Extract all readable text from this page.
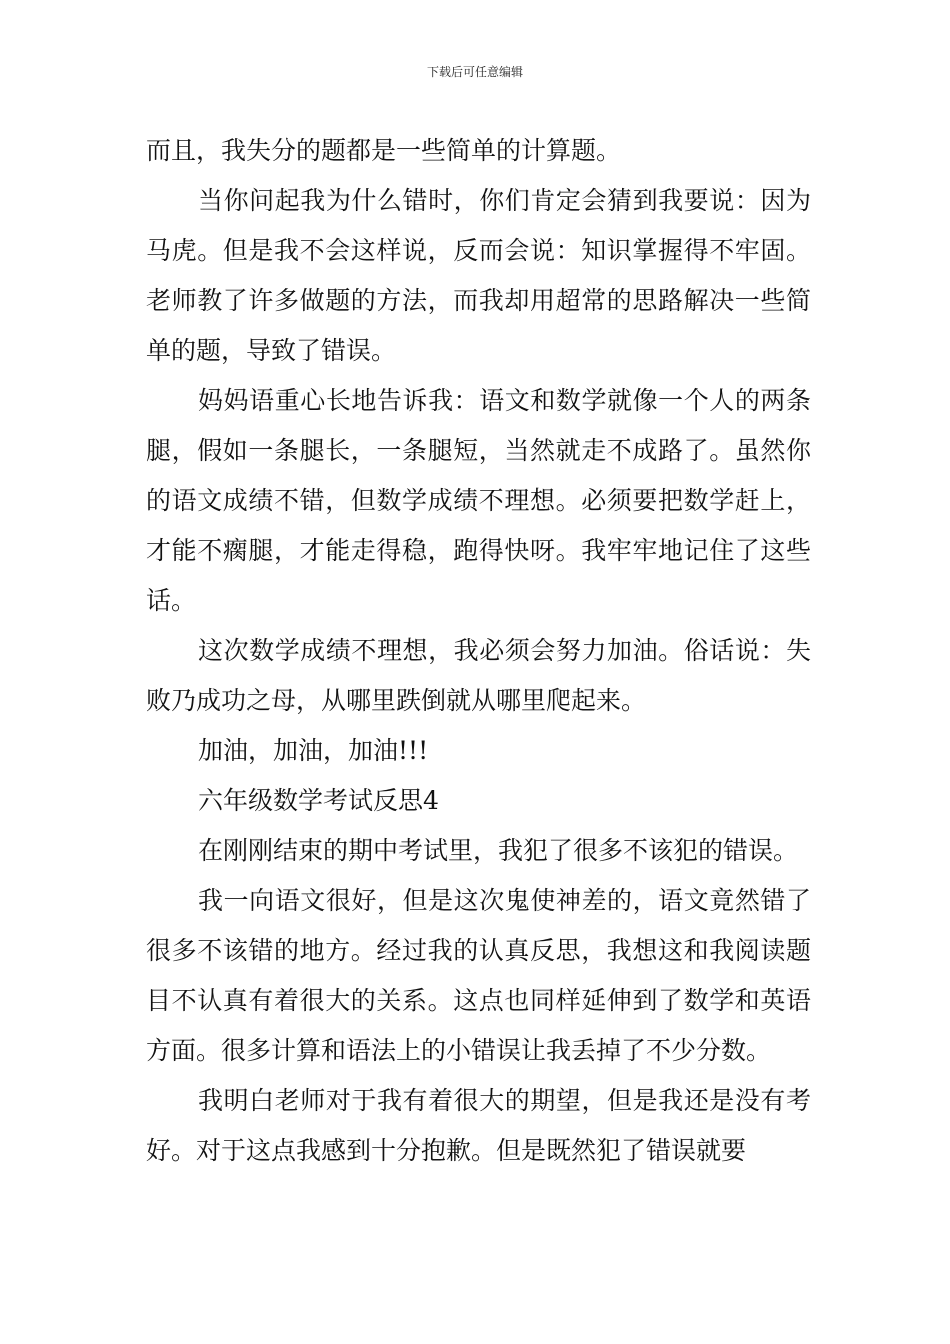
下载后可任意编辑

而且，我失分的题都是一些简单的计算题。

当你问起我为什么错时，你们肯定会猜到我要说：因为马虎。但是我不会这样说，反而会说：知识掌握得不牢固。老师教了许多做题的方法，而我却用超常的思路解决一些简单的题，导致了错误。

妈妈语重心长地告诉我：语文和数学就像一个人的两条腿，假如一条腿长，一条腿短，当然就走不成路了。虽然你的语文成绩不错，但数学成绩不理想。必须要把数学赶上，才能不瘸腿，才能走得稳，跑得快呀。我牢牢地记住了这些话。

这次数学成绩不理想，我必须会努力加油。俗话说：失败乃成功之母，从哪里跌倒就从哪里爬起来。

加油，加油，加油!!!

六年级数学考试反思4

在刚刚结束的期中考试里，我犯了很多不该犯的错误。

我一向语文很好，但是这次鬼使神差的，语文竟然错了很多不该错的地方。经过我的认真反思，我想这和我阅读题目不认真有着很大的关系。这点也同样延伸到了数学和英语方面。很多计算和语法上的小错误让我丢掉了不少分数。

我明白老师对于我有着很大的期望，但是我还是没有考好。对于这点我感到十分抱歉。但是既然犯了错误就要
